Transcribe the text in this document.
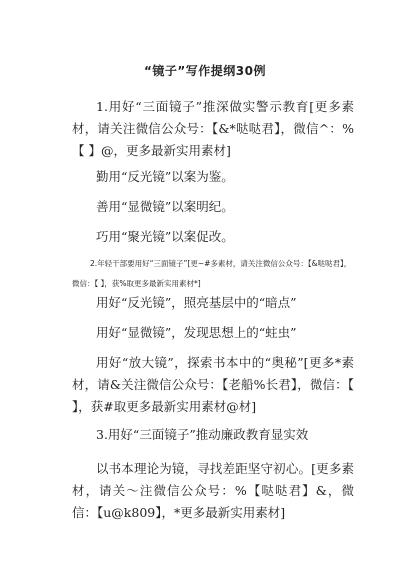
“镜子”写作提纲30例
1.用好“三面镜子”推深做实警示教育[更多素材，请关注微信公众号：【&*哒哒君】，微信^：%【 】@，更多最新实用素材]
勤用“反光镜”以案为鉴。
善用“显微镜”以案明纪。
巧用“聚光镜”以案促改。
2.年轻干部要用好“三面镜子”[更~#多素材，请关注微信公众号：【&哒哒君】，微信：【 】，获%取更多最新实用素材*]
用好“反光镜”，照亮基层中的“暗点”
用好“显微镜”，发现思想上的“蛀虫”
用好“放大镜”，探索书本中的“奥秘”[更多*素材，请&关注微信公众号：【老船%长君】，微信：【 】，获#取更多最新实用素材@材]
3.用好“三面镜子”推动廉政教育显实效
以书本理论为镜，寻找差距坚守初心。[更多素材，请关～注微信公众号：%【哒哒君】&，微信：【u@k809】，*更多最新实用素材]
